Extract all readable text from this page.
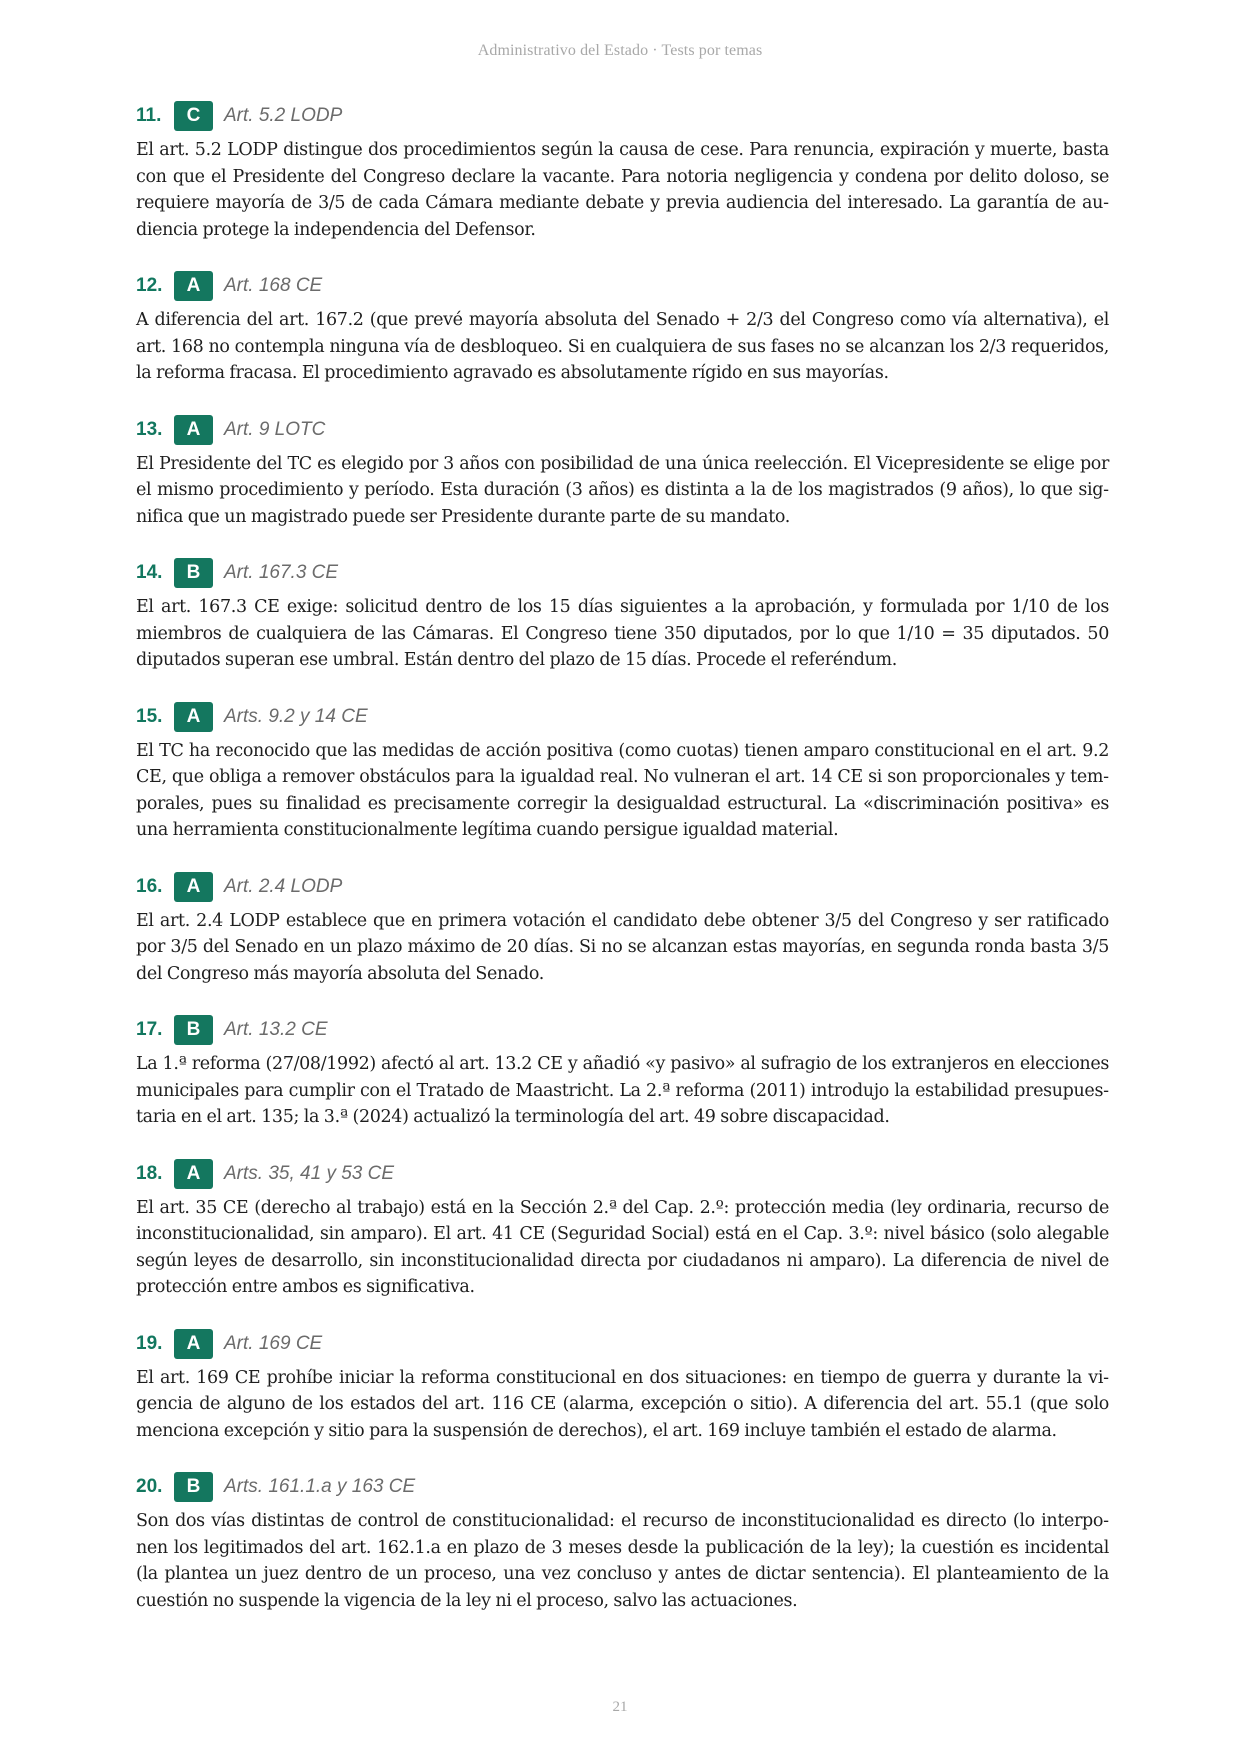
Administrativo del Estado · Tests por temas
11.	C	Art. 5.2 LODP

El art. 5.2 LODP distingue dos procedimientos según la causa de cese. Para renuncia, expiración y muerte, basta con que el Presidente del Congreso declare la vacante. Para notoria negligencia y condena por delito doloso, se requiere mayoría de 3/5 de cada Cámara mediante debate y previa audiencia del interesado. La garantía de audiencia protege la independencia del Defensor.

12.	A	Art. 168 CE

A diferencia del art. 167.2 (que prevé mayoría absoluta del Senado + 2/3 del Congreso como vía alternativa), el art. 168 no contempla ninguna vía de desbloqueo. Si en cualquiera de sus fases no se alcanzan los 2/3 requeridos, la reforma fracasa. El procedimiento agravado es absolutamente rígido en sus mayorías.

13.	A	Art. 9 LOTC

El Presidente del TC es elegido por 3 años con posibilidad de una única reelección. El Vicepresidente se elige por el mismo procedimiento y período. Esta duración (3 años) es distinta a la de los magistrados (9 años), lo que significa que un magistrado puede ser Presidente durante parte de su mandato.

14.	B	Art. 167.3 CE

El art. 167.3 CE exige: solicitud dentro de los 15 días siguientes a la aprobación, y formulada por 1/10 de los miembros de cualquiera de las Cámaras. El Congreso tiene 350 diputados, por lo que 1/10 = 35 diputados. 50 diputados superan ese umbral. Están dentro del plazo de 15 días. Procede el referéndum.

15.	A	Arts. 9.2 y 14 CE

El TC ha reconocido que las medidas de acción positiva (como cuotas) tienen amparo constitucional en el art. 9.2 CE, que obliga a remover obstáculos para la igualdad real. No vulneran el art. 14 CE si son proporcionales y temporales, pues su finalidad es precisamente corregir la desigualdad estructural. La «discriminación positiva» es una herramienta constitucionalmente legítima cuando persigue igualdad material.

16.	A	Art. 2.4 LODP

El art. 2.4 LODP establece que en primera votación el candidato debe obtener 3/5 del Congreso y ser ratificado por 3/5 del Senado en un plazo máximo de 20 días. Si no se alcanzan estas mayorías, en segunda ronda basta 3/5 del Congreso más mayoría absoluta del Senado.

17.	B	Art. 13.2 CE

La 1.ª reforma (27/08/1992) afectó al art. 13.2 CE y añadió «y pasivo» al sufragio de los extranjeros en elecciones municipales para cumplir con el Tratado de Maastricht. La 2.ª reforma (2011) introdujo la estabilidad presupuestaria en el art. 135; la 3.ª (2024) actualizó la terminología del art. 49 sobre discapacidad.

18.	A	Arts. 35, 41 y 53 CE

El art. 35 CE (derecho al trabajo) está en la Sección 2.ª del Cap. 2.º: protección media (ley ordinaria, recurso de inconstitucionalidad, sin amparo). El art. 41 CE (Seguridad Social) está en el Cap. 3.º: nivel básico (solo alegable según leyes de desarrollo, sin inconstitucionalidad directa por ciudadanos ni amparo). La diferencia de nivel de protección entre ambos es significativa.

19.	A	Art. 169 CE

El art. 169 CE prohíbe iniciar la reforma constitucional en dos situaciones: en tiempo de guerra y durante la vigencia de alguno de los estados del art. 116 CE (alarma, excepción o sitio). A diferencia del art. 55.1 (que solo menciona excepción y sitio para la suspensión de derechos), el art. 169 incluye también el estado de alarma.

20.	B	Arts. 161.1.a y 163 CE

Son dos vías distintas de control de constitucionalidad: el recurso de inconstitucionalidad es directo (lo interponen los legitimados del art. 162.1.a en plazo de 3 meses desde la publicación de la ley); la cuestión es incidental (la plantea un juez dentro de un proceso, una vez concluso y antes de dictar sentencia). El planteamiento de la cuestión no suspende la vigencia de la ley ni el proceso, salvo las actuaciones.

21
